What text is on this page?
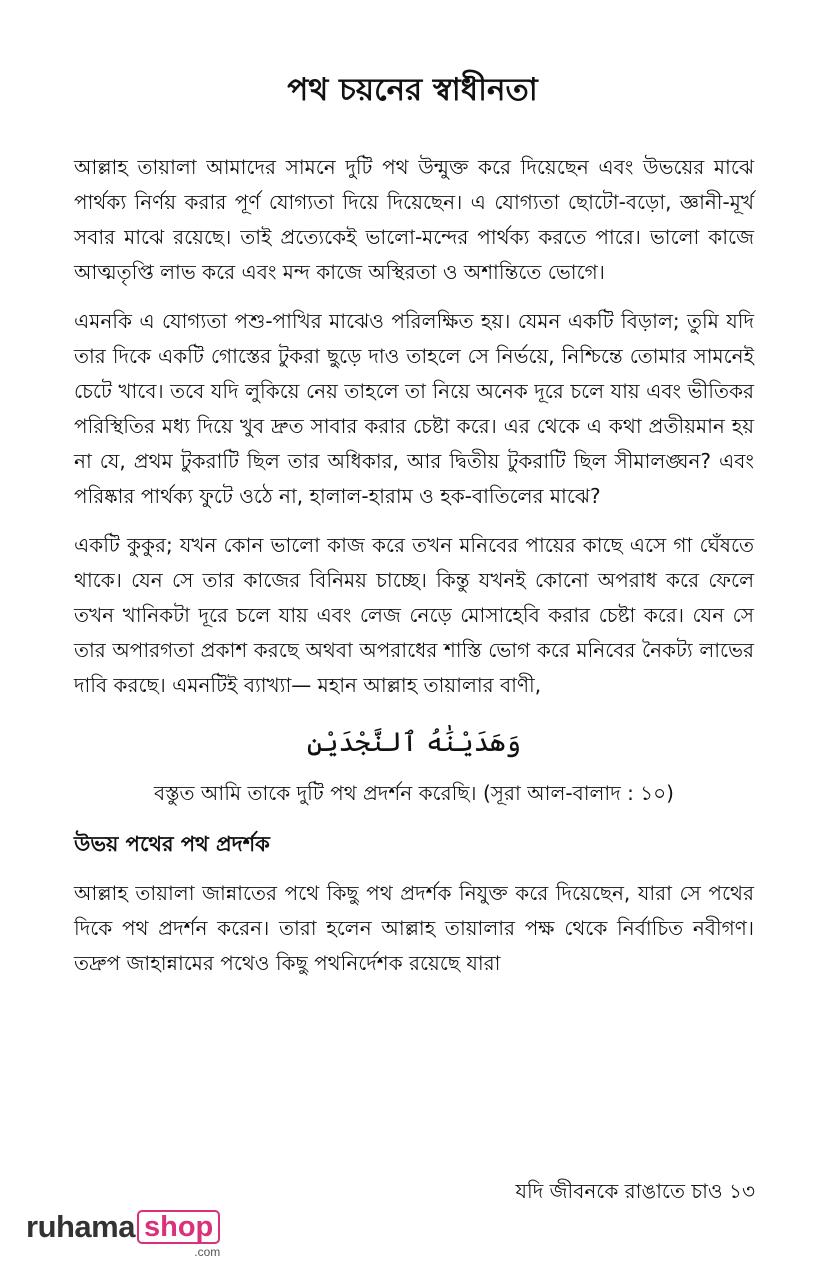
পথ চয়নের স্বাধীনতা

আল্লাহ তায়ালা আমাদের সামনে দুটি পথ উন্মুক্ত করে দিয়েছেন এবং উভয়ের মাঝে পার্থক্য নির্ণয় করার পূর্ণ যোগ্যতা দিয়ে দিয়েছেন। এ যোগ্যতা ছোটো-বড়ো, জ্ঞানী-মূর্খ সবার মাঝে রয়েছে। তাই প্রত্যেকেই ভালো-মন্দের পার্থক্য করতে পারে। ভালো কাজে আত্মতৃপ্তি লাভ করে এবং মন্দ কাজে অস্থিরতা ও অশান্তিতে ভোগে।

এমনকি এ যোগ্যতা পশু-পাখির মাঝেও পরিলক্ষিত হয়। যেমন একটি বিড়াল; তুমি যদি তার দিকে একটি গোস্তের টুকরা ছুড়ে দাও তাহলে সে নির্ভয়ে, নিশ্চিন্তে তোমার সামনেই চেটে খাবে। তবে যদি লুকিয়ে নেয় তাহলে তা নিয়ে অনেক দূরে চলে যায় এবং ভীতিকর পরিস্থিতির মধ্য দিয়ে খুব দ্রুত সাবার করার চেষ্টা করে। এর থেকে এ কথা প্রতীয়মান হয় না যে, প্রথম টুকরাটি ছিল তার অধিকার, আর দ্বিতীয় টুকরাটি ছিল সীমালঙ্ঘন? এবং পরিষ্কার পার্থক্য ফুটে ওঠে না, হালাল-হারাম ও হক-বাতিলের মাঝে?

একটি কুকুর; যখন কোন ভালো কাজ করে তখন মনিবের পায়ের কাছে এসে গা ঘেঁষতে থাকে। যেন সে তার কাজের বিনিময় চাচ্ছে। কিন্তু যখনই কোনো অপরাধ করে ফেলে তখন খানিকটা দূরে চলে যায় এবং লেজ নেড়ে মোসাহেবি করার চেষ্টা করে। যেন সে তার অপারগতা প্রকাশ করছে অথবা অপরাধের শাস্তি ভোগ করে মনিবের নৈকট্য লাভের দাবি করছে। এমনটিই ব্যাখ্যা— মহান আল্লাহ তায়ালার বাণী,

وَهَدَيْنَٰهُ ٱلنَّجْدَيْنِ
বস্তুত আমি তাকে দুটি পথ প্রদর্শন করেছি। (সূরা আল-বালাদ : ১০)
উভয় পথের পথ প্রদর্শক

আল্লাহ তায়ালা জান্নাতের পথে কিছু পথ প্রদর্শক নিযুক্ত করে দিয়েছেন, যারা সে পথের দিকে পথ প্রদর্শন করেন। তারা হলেন আল্লাহ তায়ালার পক্ষ থেকে নির্বাচিত নবীগণ। তদ্রুপ জাহান্নামের পথেও কিছু পথনির্দেশক রয়েছে যারা

যদি জীবনকে রাঙাতে চাও ১৩
ruhama shop
.com
